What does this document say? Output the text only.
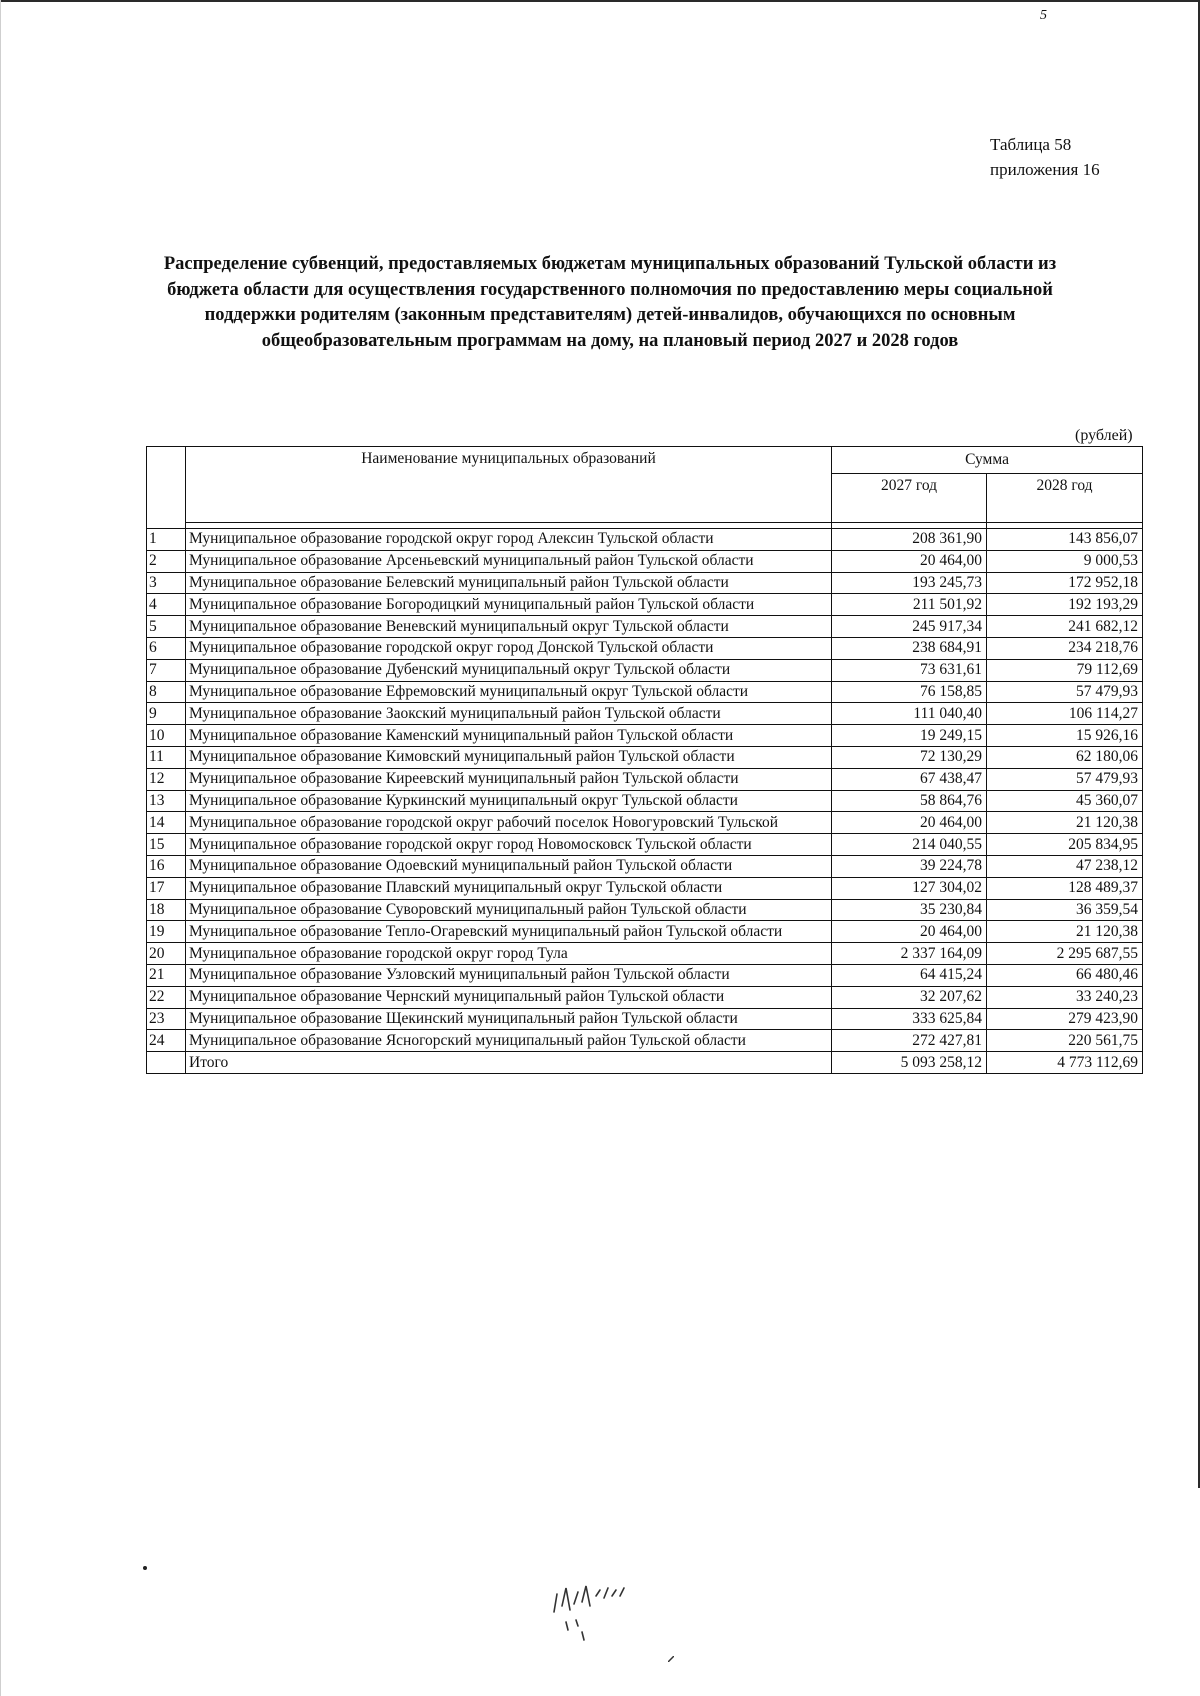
5
Таблица 58
приложения 16
Распределение субвенций, предоставляемых бюджетам муниципальных образований Тульской области из
бюджета области для осуществления государственного полномочия по предоставлению меры социальной
поддержки родителям (законным представителям) детей-инвалидов, обучающихся по основным
общеобразовательным программам на дому, на плановый период 2027 и 2028 годов
(рублей)
	Наименование муниципальных образований	Сумма	
		2027 год	2028 год

1	Муниципальное образование городской округ город Алексин Тульской области	208 361,90	143 856,07
2	Муниципальное образование Арсеньевский муниципальный район Тульской области	20 464,00	9 000,53
3	Муниципальное образование Белевский муниципальный район Тульской области	193 245,73	172 952,18
4	Муниципальное образование Богородицкий муниципальный район Тульской области	211 501,92	192 193,29
5	Муниципальное образование Веневский муниципальный округ Тульской области	245 917,34	241 682,12
6	Муниципальное образование городской округ город Донской Тульской области	238 684,91	234 218,76
7	Муниципальное образование Дубенский муниципальный округ Тульской области	73 631,61	79 112,69
8	Муниципальное образование Ефремовский муниципальный округ Тульской области	76 158,85	57 479,93
9	Муниципальное образование Заокский муниципальный район Тульской области	111 040,40	106 114,27
10	Муниципальное образование Каменский муниципальный район Тульской области	19 249,15	15 926,16
11	Муниципальное образование Кимовский муниципальный район Тульской области	72 130,29	62 180,06
12	Муниципальное образование Киреевский муниципальный район Тульской области	67 438,47	57 479,93
13	Муниципальное образование Куркинский муниципальный округ Тульской области	58 864,76	45 360,07
14	Муниципальное образование городской округ рабочий поселок Новогуровский Тульской	20 464,00	21 120,38
15	Муниципальное образование городской округ город Новомосковск Тульской области	214 040,55	205 834,95
16	Муниципальное образование Одоевский муниципальный район Тульской области	39 224,78	47 238,12
17	Муниципальное образование Плавский муниципальный округ Тульской области	127 304,02	128 489,37
18	Муниципальное образование Суворовский муниципальный район Тульской области	35 230,84	36 359,54
19	Муниципальное образование Тепло-Огаревский муниципальный район Тульской области	20 464,00	21 120,38
20	Муниципальное образование городской округ город Тула	2 337 164,09	2 295 687,55
21	Муниципальное образование Узловский муниципальный район Тульской области	64 415,24	66 480,46
22	Муниципальное образование Чернский муниципальный район Тульской области	32 207,62	33 240,23
23	Муниципальное образование Щекинский муниципальный район Тульской области	333 625,84	279 423,90
24	Муниципальное образование Ясногорский муниципальный район Тульской области	272 427,81	220 561,75
	Итого	5 093 258,12	4 773 112,69
